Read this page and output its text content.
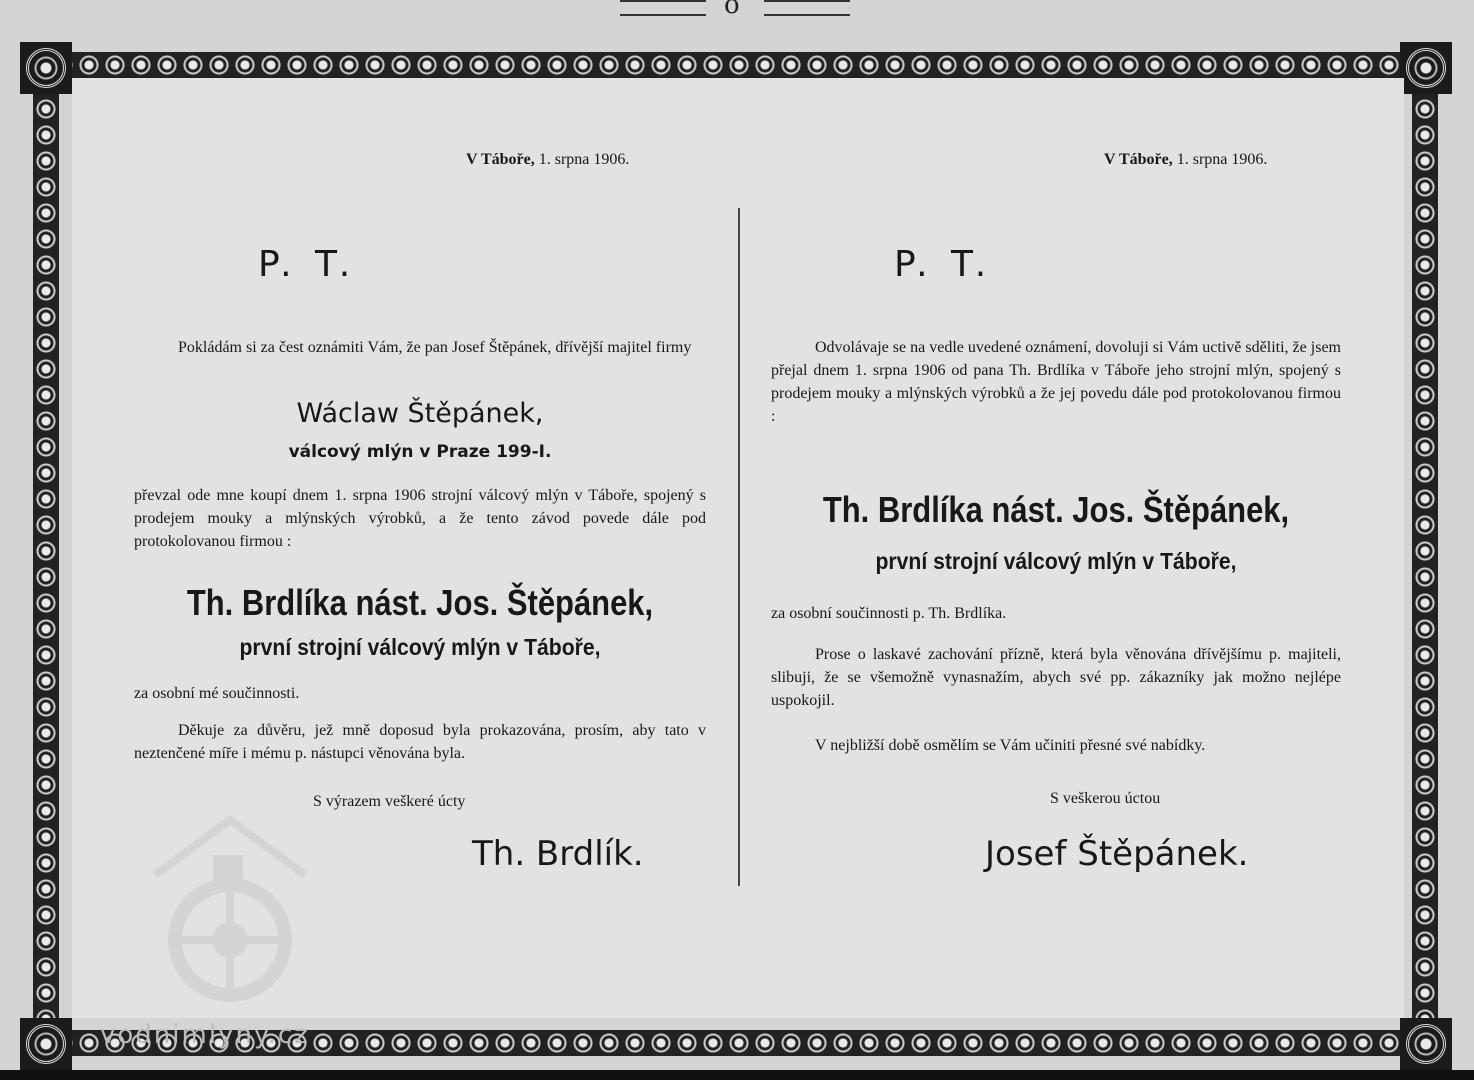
o
vodnimlyny.cz
V Táboře, 1. srpna 1906.
P. T.
Pokládám si za čest oznámiti Vám, že pan Josef Štěpánek, dřívější majitel firmy
Wáclaw Štěpánek,
válcový mlýn v Praze 199-I.
převzal ode mne koupí dnem 1. srpna 1906 strojní válcový mlýn v Táboře, spojený s prodejem mouky a mlýnských výrobků, a že tento závod povede dále pod protokolovanou firmou :
Th. Brdlíka nást. Jos. Štěpánek,
první strojní válcový mlýn v Táboře,
za osobní mé součinnosti.
Děkuje za důvěru, jež mně doposud byla prokazována, prosím, aby tato v neztenčené míře i mému p. nástupci věnována byla.
S výrazem veškeré úcty
Th. Brdlík.
V Táboře, 1. srpna 1906.
P. T.
Odvolávaje se na vedle uvedené oznámení, dovoluji si Vám uctivě sděliti, že jsem přejal dnem 1. srpna 1906 od pana Th. Brdlíka v Táboře jeho strojní mlýn, spojený s prodejem mouky a mlýnských výrobků a že jej povedu dále pod protokolovanou firmou :
Th. Brdlíka nást. Jos. Štěpánek,
první strojní válcový mlýn v Táboře,
za osobní součinnosti p. Th. Brdlíka.
Prose o laskavé zachování přízně, která byla věnována dřívějšímu p. majiteli, slibuji, že se všemožně vynasnažím, abych své pp. zákazníky jak možno nejlépe uspokojil.
V nejbližší době osmělím se Vám učiniti přesné své nabídky.
S veškerou úctou
Josef Štěpánek.
